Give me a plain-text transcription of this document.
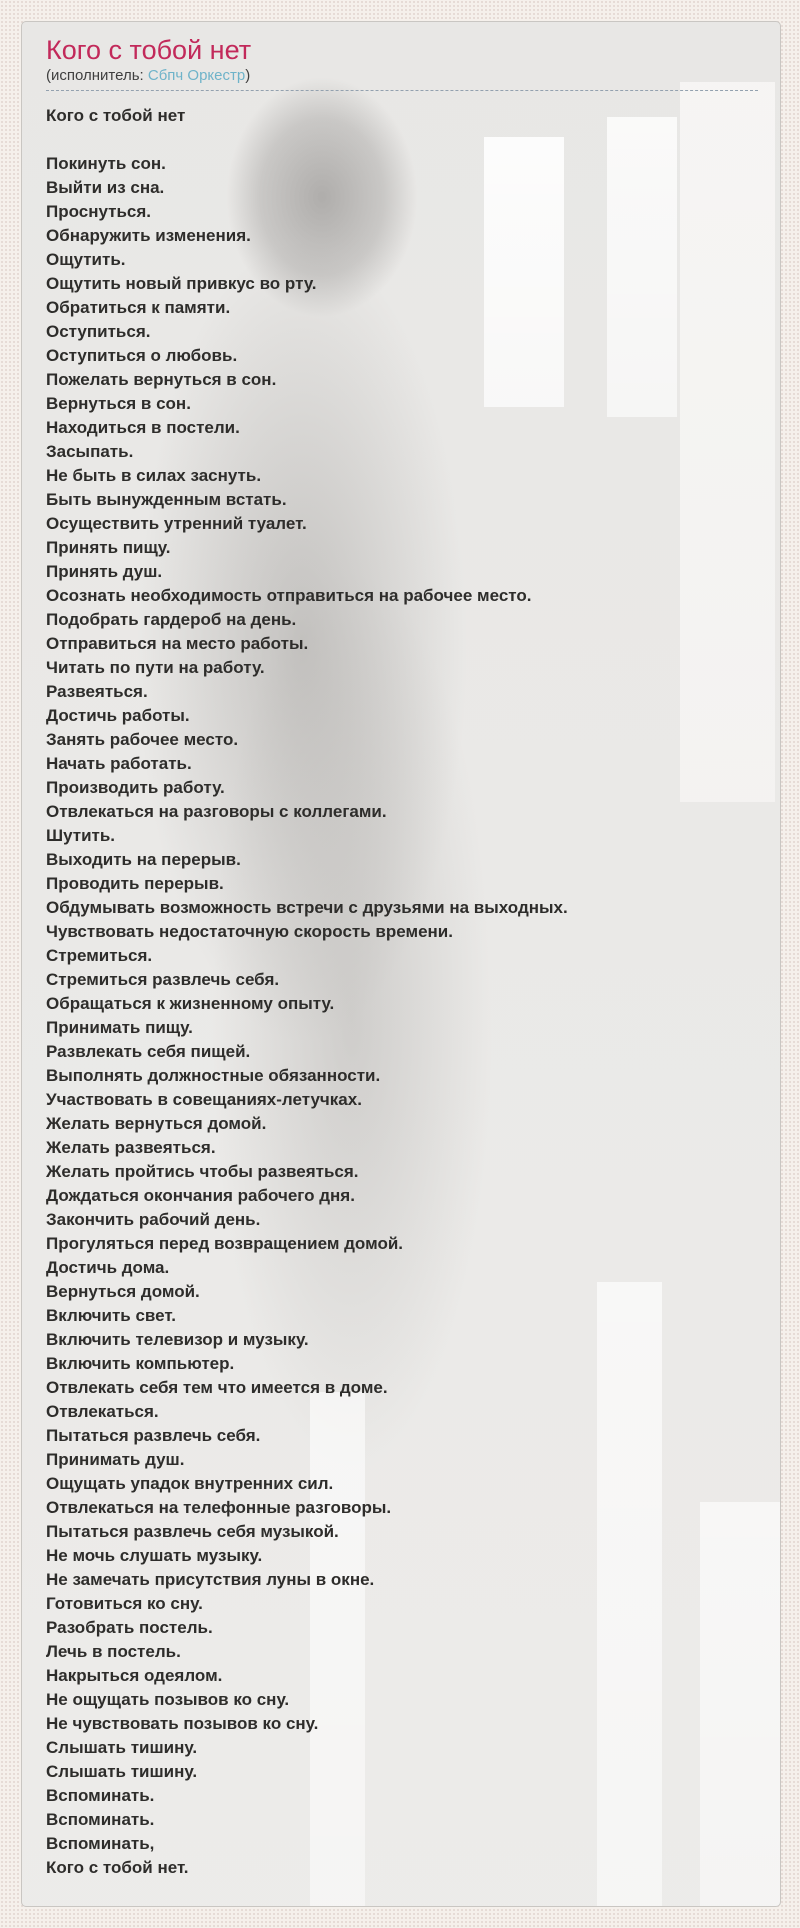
Кого с тобой нет
(исполнитель: Сбпч Оркестр)
Кого с тобой нет

Покинуть сон.
Выйти из сна.
Проснуться.
Обнаружить изменения.
Ощутить.
Ощутить новый привкус во рту.
Обратиться к памяти.
Оступиться.
Оступиться о любовь.
Пожелать вернуться в сон.
Вернуться в сон.
Находиться в постели.
Засыпать.
Не быть в силах заснуть.
Быть вынужденным встать.
Осуществить утренний туалет.
Принять пищу.
Принять душ.
Осознать необходимость отправиться на рабочее место.
Подобрать гардероб на день.
Отправиться на место работы.
Читать по пути на работу.
Развеяться.
Достичь работы.
Занять рабочее место.
Начать работать.
Производить работу.
Отвлекаться на разговоры с коллегами.
Шутить.
Выходить на перерыв.
Проводить перерыв.
Обдумывать возможность встречи с друзьями на выходных.
Чувствовать недостаточную скорость времени.
Стремиться.
Стремиться развлечь себя.
Обращаться к жизненному опыту.
Принимать пищу.
Развлекать себя пищей.
Выполнять должностные обязанности.
Участвовать в совещаниях-летучках.
Желать вернуться домой.
Желать развеяться.
Желать пройтись чтобы развеяться.
Дождаться окончания рабочего дня.
Закончить рабочий день.
Прогуляться перед возвращением домой.
Достичь дома.
Вернуться домой.
Включить свет.
Включить телевизор и музыку.
Включить компьютер.
Отвлекать себя тем что имеется в доме.
Отвлекаться.
Пытаться развлечь себя.
Принимать душ.
Ощущать упадок внутренних сил.
Отвлекаться на телефонные разговоры.
Пытаться развлечь себя музыкой.
Не мочь слушать музыку.
Не замечать присутствия луны в окне.
Готовиться ко сну.
Разобрать постель.
Лечь в постель.
Накрыться одеялом.
Не ощущать позывов ко сну.
Не чувствовать позывов ко сну.
Слышать тишину.
Слышать тишину.
Вспоминать.
Вспоминать.
Вспоминать,
Кого с тобой нет.
